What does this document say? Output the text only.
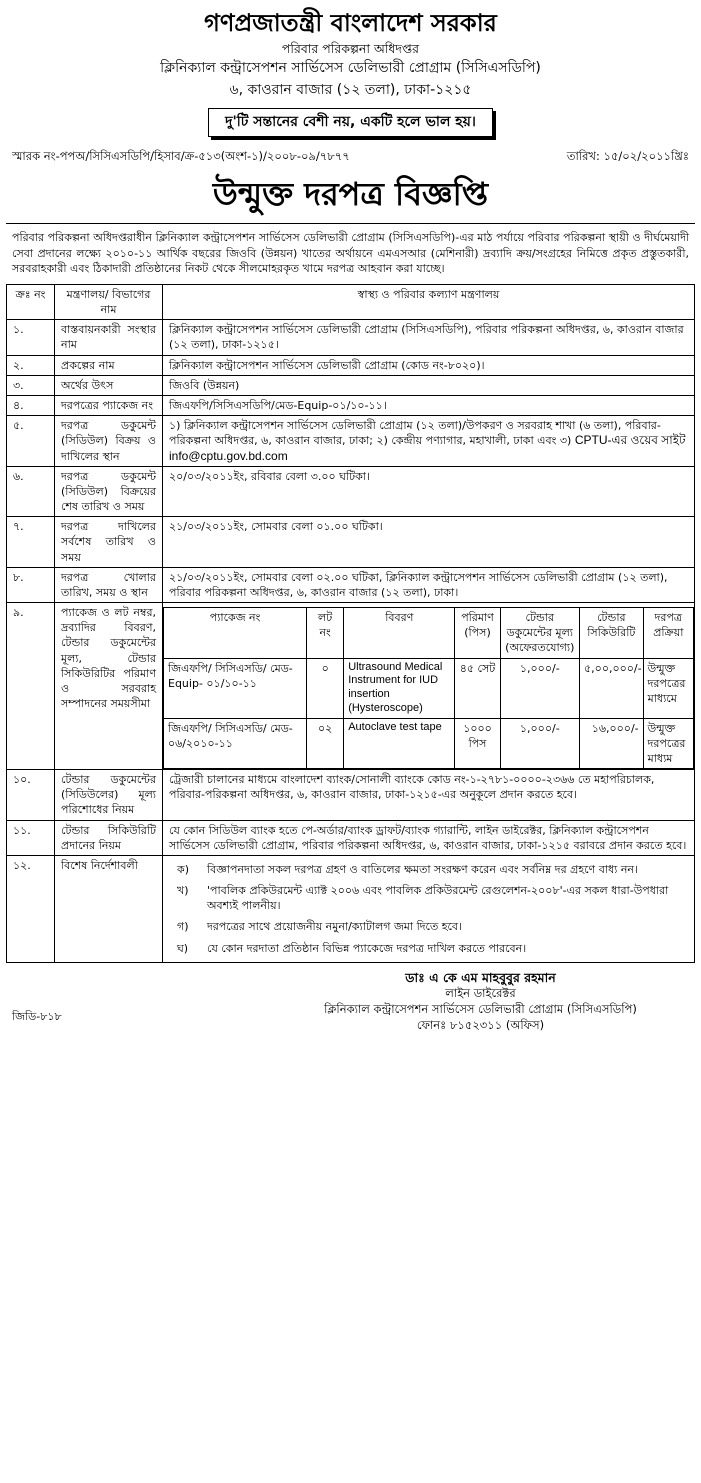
গণপ্রজাতন্ত্রী বাংলাদেশ সরকার
পরিবার পরিকল্পনা অধিদপ্তর
ক্লিনিক্যাল কন্ট্রাসেপশন সার্ভিসেস ডেলিভারী প্রোগ্রাম (সিসিএসডিপি)
৬, কাওরান বাজার (১২ তলা), ঢাকা-১২১৫
দু'টি সন্তানের বেশী নয়, একটি হলে ভাল হয়।
স্মারক নং-পপঅ/সিসিএসডিপি/হিসাব/ক্র-৫১৩(অংশ-১)/২০০৮-০৯/৭৮৭৭	তারিখ: ১৫/০২/২০১১খ্রিঃ
উন্মুক্ত দরপত্র বিজ্ঞপ্তি
পরিবার পরিকল্পনা অধিদপ্তরাধীন ক্লিনিক্যাল কন্ট্রাসেপশন সার্ভিসেস ডেলিভারী প্রোগ্রাম (সিসিএসডিপি)-এর মাঠ পর্যায়ে পরিবার পরিকল্পনা স্থায়ী ও দীর্ঘমেয়াদী সেবা প্রদানের লক্ষ্যে ২০১০-১১ আর্থিক বছরের জিওবি (উন্নয়ন) খাতের অর্থায়নে এমএসআর (মেশিনারী) দ্রব্যাদি ক্রয়/সংগ্রহের নিমিত্তে প্রকৃত প্রস্তুতকারী, সরবরাহকারী এবং ঠিকাদারী প্রতিষ্ঠানের নিকট থেকে সীলমোহরকৃত খামে দরপত্র আহবান করা যাচ্ছে।
ক্রঃ নং	মন্ত্রণালয়/ বিভাগের নাম	স্বাস্থ্য ও পরিবার কল্যাণ মন্ত্রণালয়
১.	বাস্তবায়নকারী সংস্থার নাম	ক্লিনিক্যাল কন্ট্রাসেপশন সার্ভিসেস ডেলিভারী প্রোগ্রাম (সিসিএসডিপি), পরিবার পরিকল্পনা অধিদপ্তর, ৬, কাওরান বাজার (১২ তলা), ঢাকা-১২১৫।
২.	প্রকল্পের নাম	ক্লিনিক্যাল কন্ট্রাসেপশন সার্ভিসেস ডেলিভারী প্রোগ্রাম (কোড নং-৮০২০)।
৩.	অর্থের উৎস	জিওবি (উন্নয়ন)
৪.	দরপত্রের প্যাকেজ নং	জিএফপি/সিসিএসডিপি/মেড-Equip-০১/১০-১১।
৫.	দরপত্র ডকুমেন্ট (সিডিউল) বিক্রয় ও দাখিলের স্থান	১) ক্লিনিক্যাল কন্ট্রাসেপশন সার্ভিসেস ডেলিভারী প্রোগ্রাম (১২ তলা)/উপকরণ ও সরবরাহ শাখা (৬ তলা), পরিবার-পরিকল্পনা অধিদপ্তর, ৬, কাওরান বাজার, ঢাকা; ২) কেন্দ্রীয় পণ্যাগার, মহাখালী, ঢাকা এবং ৩) CPTU-এর ওয়েব সাইট info@cptu.gov.bd.com
৬.	দরপত্র ডকুমেন্ট (সিডিউল) বিক্রয়ের শেষ তারিখ ও সময়	২০/০৩/২০১১ইং, রবিবার বেলা ৩.০০ ঘটিকা।
৭.	দরপত্র দাখিলের সর্বশেষ তারিখ ও সময়	২১/০৩/২০১১ইং, সোমবার বেলা ০১.০০ ঘটিকা।
৮.	দরপত্র খোলার তারিখ, সময় ও স্থান	২১/০৩/২০১১ইং, সোমবার বেলা ০২.০০ ঘটিকা, ক্লিনিক্যাল কন্ট্রাসেপশন সার্ভিসেস ডেলিভারী প্রোগ্রাম (১২ তলা), পরিবার পরিকল্পনা অধিদপ্তর, ৬, কাওরান বাজার (১২ তলা), ঢাকা।
৯.	প্যাকেজ ও লট নম্বর, দ্রব্যাদির বিবরণ, টেন্ডার ডকুমেন্টের মূল্য, টেন্ডার সিকিউরিটির পরিমাণ ও সরবরাহ সম্পাদনের সময়সীমা	
প্যাকেজ নং	লট নং	বিবরণ	পরিমাণ (পিস)	টেন্ডার ডকুমেন্টের মূল্য (অফেরতযোগ্য)	টেন্ডার সিকিউরিটি	দরপত্র প্রক্রিয়া
জিএফপি/ সিসিএসডি/ মেড-Equip- ০১/১০-১১	০	Ultrasound Medical Instrument for IUD insertion (Hysteroscope)	৪৫ সেট	১,০০০/-	৫,০০,০০০/-	উন্মুক্ত দরপত্রের মাধ্যমে
জিএফপি/ সিসিএসডি/ মেড- ০৬/২০১০-১১	০২	Autoclave test tape	১০০০ পিস	১,০০০/-	১৬,০০০/-	উন্মুক্ত দরপত্রের মাধ্যম

১০.	টেন্ডার ডকুমেন্টের (সিডিউলের) মূল্য পরিশোধের নিয়ম	ট্রেজারী চালানের মাধ্যমে বাংলাদেশ ব্যাংক/সোনালী ব্যাংকে কোড নং-১-২৭৮১-০০০০-২৩৬৬ তে মহাপরিচালক, পরিবার-পরিকল্পনা অধিদপ্তর, ৬, কাওরান বাজার, ঢাকা-১২১৫-এর অনুকূলে প্রদান করতে হবে।
১১.	টেন্ডার সিকিউরিটি প্রদানের নিয়ম	যে কোন সিডিউল ব্যাংক হতে পে-অর্ডার/ব্যাংক ড্রাফট/ব্যাংক গ্যারান্টি, লাইন ডাইরেক্টর, ক্লিনিক্যাল কন্ট্রাসেপশন সার্ভিসেস ডেলিভারী প্রোগ্রাম, পরিবার পরিকল্পনা অধিদপ্তর, ৬, কাওরান বাজার, ঢাকা-১২১৫ বরাবরে প্রদান করতে হবে।
১২.	বিশেষ নির্দেশাবলী		ক)	বিজ্ঞাপনদাতা সকল দরপত্র গ্রহণ ও বাতিলের ক্ষমতা সংরক্ষণ করেন এবং সর্বনিম্ন দর গ্রহণে বাধ্য নন।
খ)	'পাবলিক প্রকিউরমেন্ট এ্যাক্ট ২০০৬ এবং পাবলিক প্রকিউরমেন্ট রেগুলেশন-২০০৮'-এর সকল ধারা-উপধারা অবশ্যই পালনীয়।
গ)	দরপত্রের সাথে প্রয়োজনীয় নমুনা/ক্যাটালগ জমা দিতে হবে।
ঘ)	যে কোন দরদাতা প্রতিষ্ঠান বিভিন্ন প্যাকেজে দরপত্র দাখিল করতে পারবেন।
ডাঃ এ কে এম মাহবুবুর রহমান
লাইন ডাইরেক্টর
ক্লিনিক্যাল কন্ট্রাসেপশন সার্ভিসেস ডেলিভারী প্রোগ্রাম (সিসিএসডিপি)
ফোনঃ ৮১৫২৩১১ (অফিস)
জিডি-৮১৮
